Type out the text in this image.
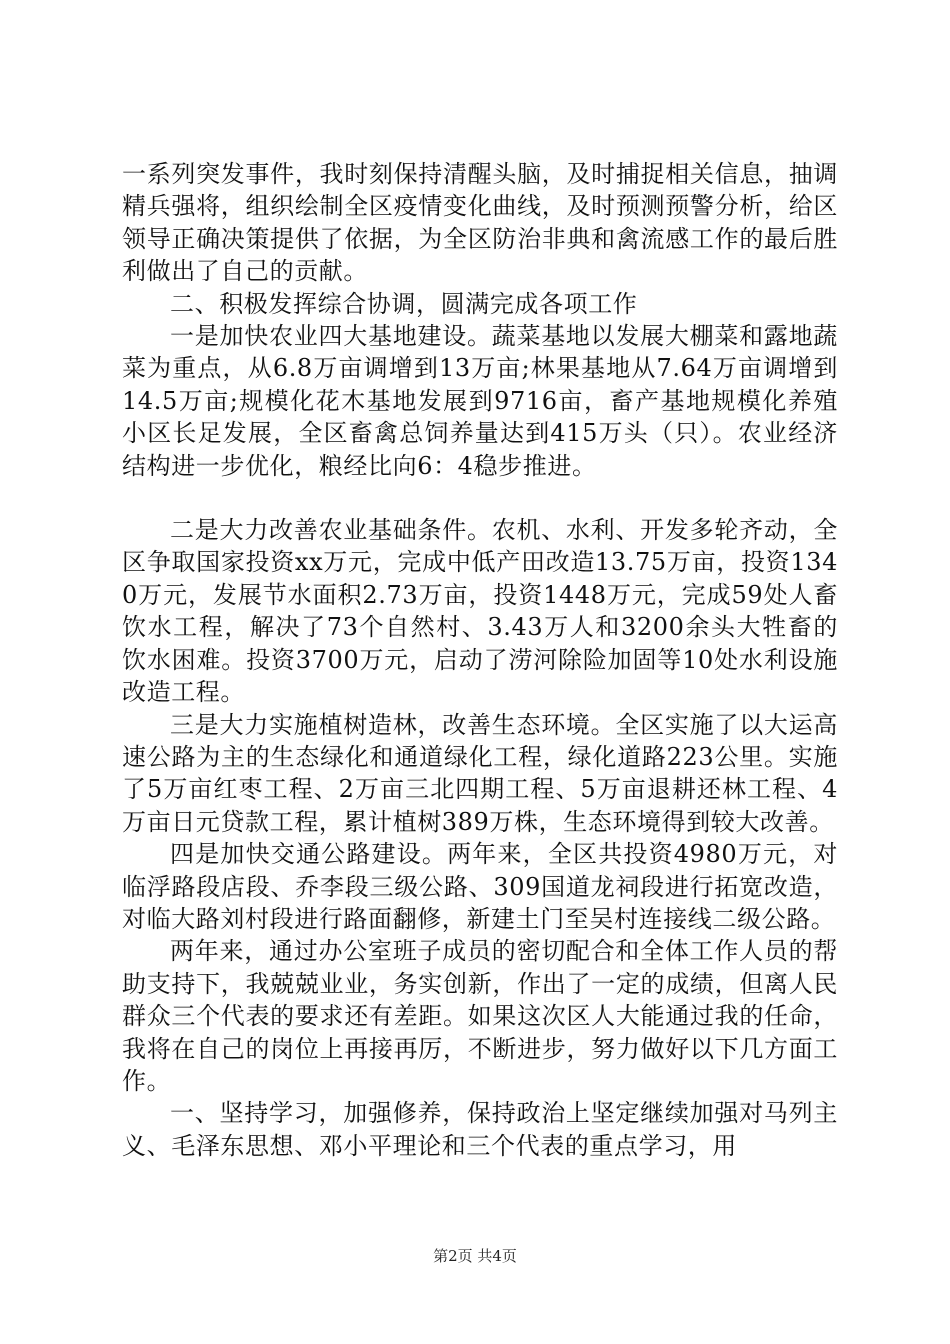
一系列突发事件，我时刻保持清醒头脑，及时捕捉相关信息，抽调精兵强将，组织绘制全区疫情变化曲线，及时预测预警分析，给区领导正确决策提供了依据，为全区防治非典和禽流感工作的最后胜利做出了自己的贡献。

二、积极发挥综合协调，圆满完成各项工作

一是加快农业四大基地建设。蔬菜基地以发展大棚菜和露地蔬菜为重点，从6.8万亩调增到13万亩;林果基地从7.64万亩调增到14.5万亩;规模化花木基地发展到9716亩，畜产基地规模化养殖小区长足发展，全区畜禽总饲养量达到415万头（只）。农业经济结构进一步优化，粮经比向6：4稳步推进。

二是大力改善农业基础条件。农机、水利、开发多轮齐动，全区争取国家投资xx万元，完成中低产田改造13.75万亩，投资1340万元，发展节水面积2.73万亩，投资1448万元，完成59处人畜饮水工程，解决了73个自然村、3.43万人和3200余头大牲畜的饮水困难。投资3700万元，启动了涝河除险加固等10处水利设施改造工程。

三是大力实施植树造林，改善生态环境。全区实施了以大运高速公路为主的生态绿化和通道绿化工程，绿化道路223公里。实施了5万亩红枣工程、2万亩三北四期工程、5万亩退耕还林工程、4万亩日元贷款工程，累计植树389万株，生态环境得到较大改善。

四是加快交通公路建设。两年来，全区共投资4980万元，对临浮路段店段、乔李段三级公路、309国道龙祠段进行拓宽改造，对临大路刘村段进行路面翻修，新建土门至吴村连接线二级公路。

两年来，通过办公室班子成员的密切配合和全体工作人员的帮助支持下，我兢兢业业，务实创新，作出了一定的成绩，但离人民群众三个代表的要求还有差距。如果这次区人大能通过我的任命，我将在自己的岗位上再接再厉，不断进步，努力做好以下几方面工作。

一、坚持学习，加强修养，保持政治上坚定继续加强对马列主义、毛泽东思想、邓小平理论和三个代表的重点学习，用

第2页 共4页
